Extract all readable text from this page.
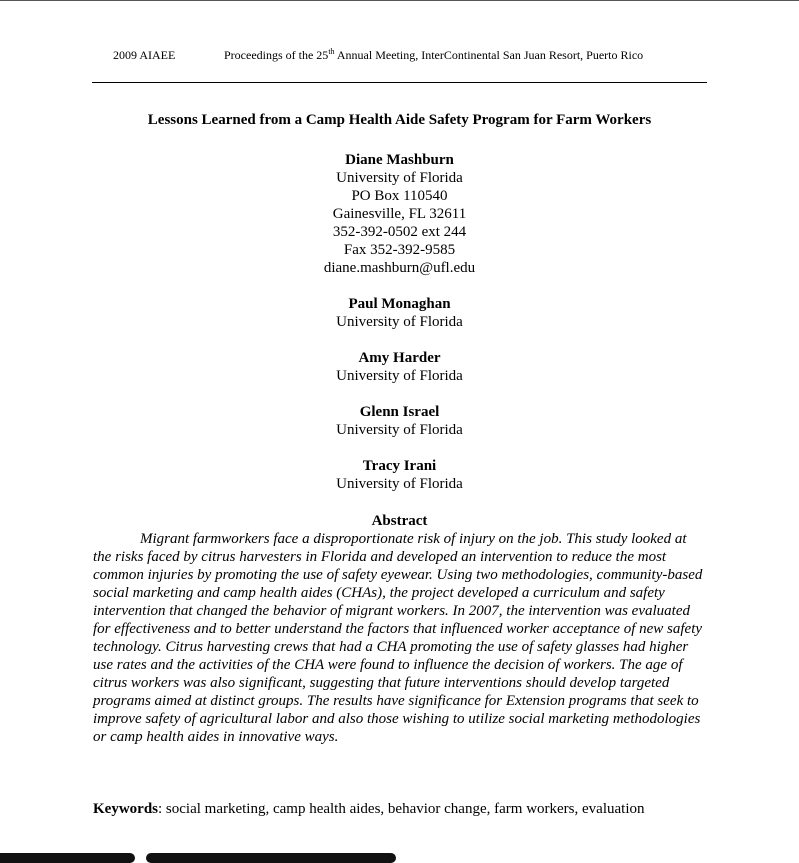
2009 AIAEE	Proceedings of the 25th Annual Meeting, InterContinental San Juan Resort, Puerto Rico
Lessons Learned from a Camp Health Aide Safety Program for Farm Workers
Diane Mashburn
University of Florida
PO Box 110540
Gainesville, FL 32611
352-392-0502 ext 244
Fax 352-392-9585
diane.mashburn@ufl.edu
Paul Monaghan
University of Florida
Amy Harder
University of Florida
Glenn Israel
University of Florida
Tracy Irani
University of Florida
Abstract
Migrant farmworkers face a disproportionate risk of injury on the job. This study looked at the risks faced by citrus harvesters in Florida and developed an intervention to reduce the most common injuries by promoting the use of safety eyewear. Using two methodologies, community-based social marketing and camp health aides (CHAs), the project developed a curriculum and safety intervention that changed the behavior of migrant workers. In 2007, the intervention was evaluated for effectiveness and to better understand the factors that influenced worker acceptance of new safety technology. Citrus harvesting crews that had a CHA promoting the use of safety glasses had higher use rates and the activities of the CHA were found to influence the decision of workers. The age of citrus workers was also significant, suggesting that future interventions should develop targeted programs aimed at distinct groups. The results have significance for Extension programs that seek to improve safety of agricultural labor and also those wishing to utilize social marketing methodologies or camp health aides in innovative ways.
Keywords: social marketing, camp health aides, behavior change, farm workers, evaluation
